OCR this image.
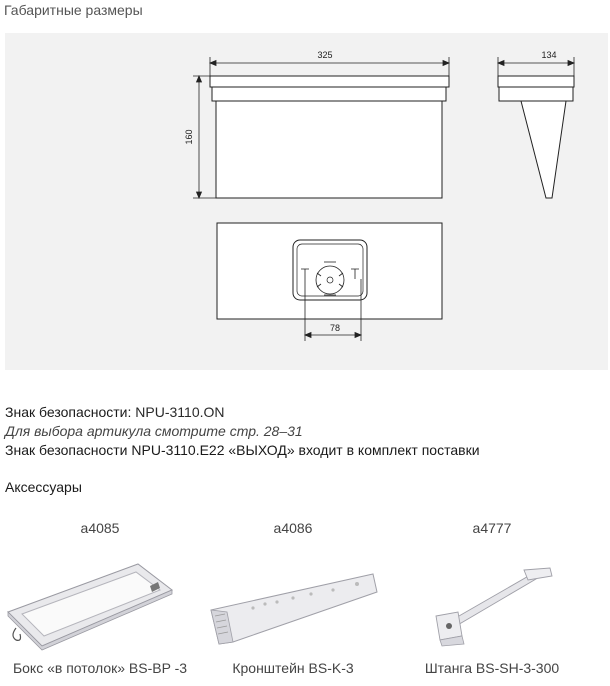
Габаритные размеры
325
160
134
78
Знак безопасности: NPU-3110.ON
Для выбора артикула смотрите стр. 28–31
Знак безопасности NPU-3110.E22 «ВЫХОД» входит в комплект поставки
Аксессуары
a4085
Бокс «в потолок» BS-BP -3
a4086
Кронштейн BS-K-3
a4777
Штанга BS-SH-3-300
